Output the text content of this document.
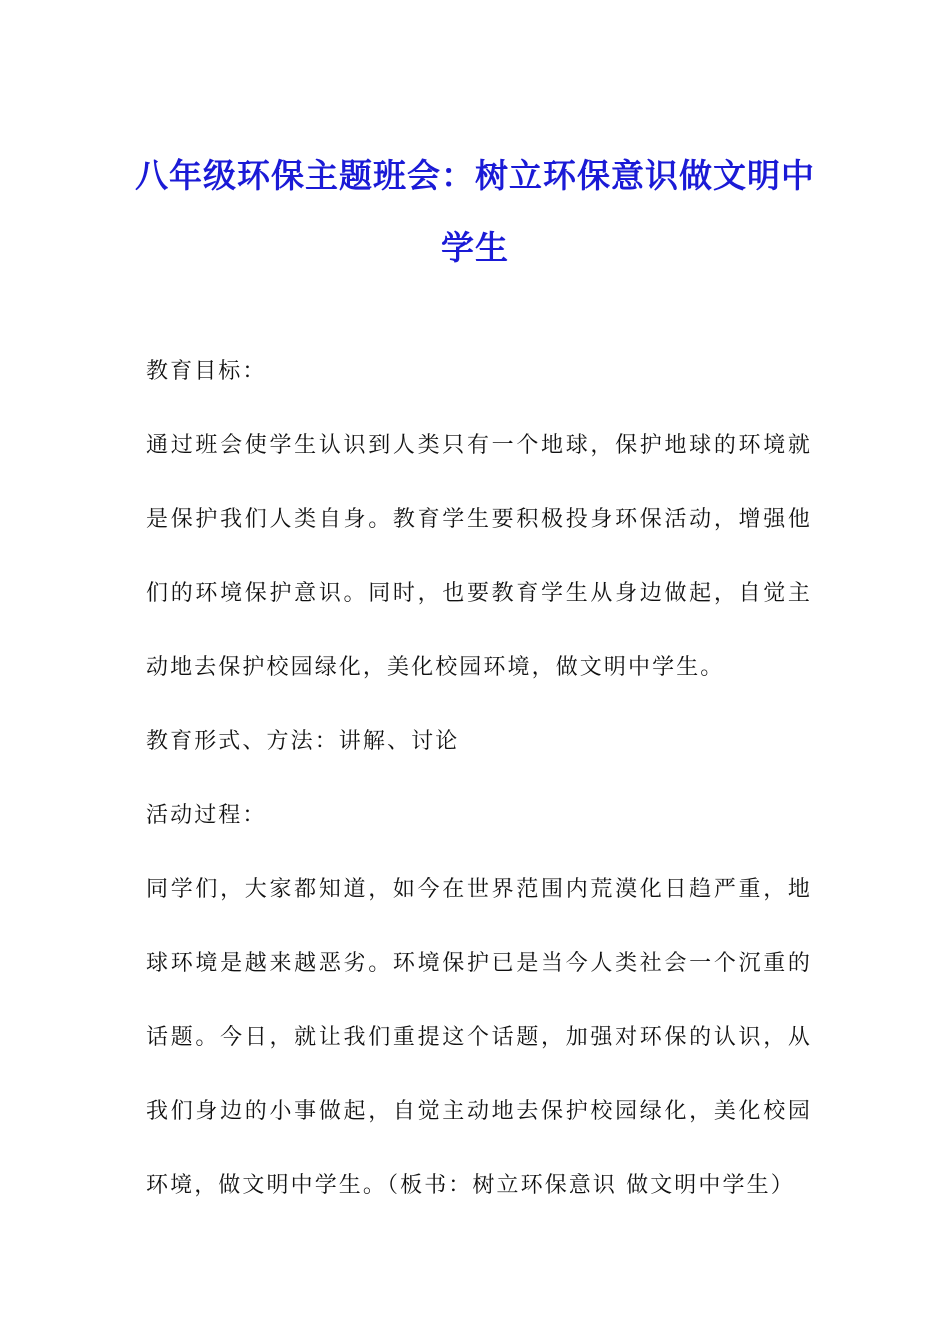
八年级环保主题班会：树立环保意识做文明中学生

教育目标：

通过班会使学生认识到人类只有一个地球，保护地球的环境就是保护我们人类自身。教育学生要积极投身环保活动，增强他们的环境保护意识。同时，也要教育学生从身边做起，自觉主动地去保护校园绿化，美化校园环境，做文明中学生。

教育形式、方法：讲解、讨论

活动过程：

同学们，大家都知道，如今在世界范围内荒漠化日趋严重，地球环境是越来越恶劣。环境保护已是当今人类社会一个沉重的话题。今日，就让我们重提这个话题，加强对环保的认识，从我们身边的小事做起，自觉主动地去保护校园绿化，美化校园环境，做文明中学生。（板书：树立环保意识 做文明中学生）
